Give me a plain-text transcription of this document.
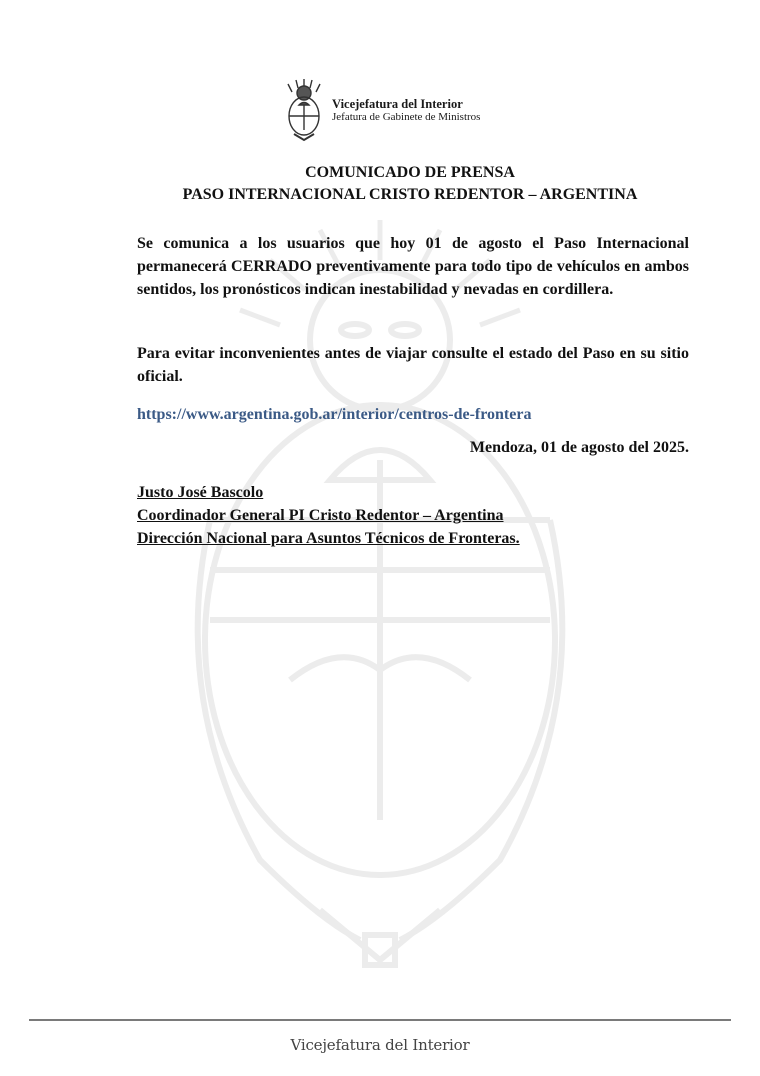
Vicejefatura del Interior
Jefatura de Gabinete de Ministros
COMUNICADO DE PRENSA
PASO INTERNACIONAL CRISTO REDENTOR – ARGENTINA

Se comunica a los usuarios que hoy 01 de agosto el Paso Internacional permanecerá CERRADO preventivamente para todo tipo de vehículos en ambos sentidos, los pronósticos indican inestabilidad y nevadas en cordillera.

Para evitar inconvenientes antes de viajar consulte el estado del Paso en su sitio oficial.

https://www.argentina.gob.ar/interior/centros-de-frontera
Mendoza, 01 de agosto del 2025.
Justo José Bascolo
Coordinador General PI Cristo Redentor – Argentina
Dirección Nacional para Asuntos Técnicos de Fronteras.
Vicejefatura del Interior
